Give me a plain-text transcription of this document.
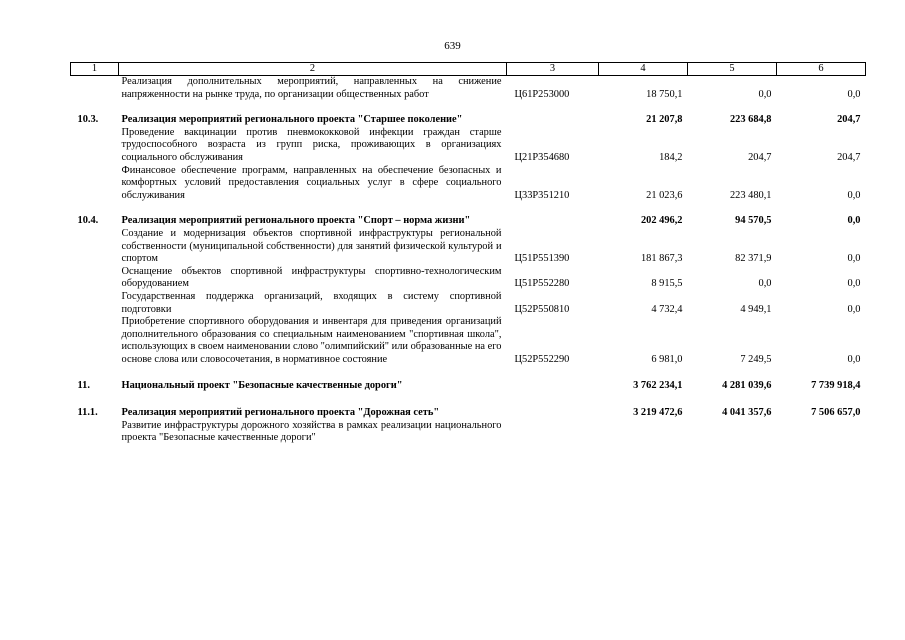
639
1	2	3	4	5	6
	Реализация дополнительных мероприятий, направленных на снижение напряженности на рынке труда, по организации общественных работ	Ц61Р253000	18 750,1	0,0	0,0

10.3.	Реализация мероприятий регионального проекта "Старшее поколение"		21 207,8	223 684,8	204,7
	Проведение вакцинации против пневмококковой инфекции граждан старше трудоспособного возраста из групп риска, проживающих в организациях социального обслуживания	Ц21Р354680	184,2	204,7	204,7
	Финансовое обеспечение программ, направленных на обеспечение безопасных и комфортных условий предоставления социальных услуг в сфере социального обслуживания	Ц33Р351210	21 023,6	223 480,1	0,0

10.4.	Реализация мероприятий регионального проекта "Спорт – норма жизни"		202 496,2	94 570,5	0,0
	Создание и модернизация объектов спортивной инфраструктуры региональной собственности (муниципальной собственности) для занятий физической культурой и спортом	Ц51Р551390	181 867,3	82 371,9	0,0
	Оснащение объектов спортивной инфраструктуры спортивно-технологическим оборудованием	Ц51Р552280	8 915,5	0,0	0,0
	Государственная поддержка организаций, входящих в систему спортивной подготовки	Ц52Р550810	4 732,4	4 949,1	0,0
	Приобретение спортивного оборудования и инвентаря для приведения организаций дополнительного образования со специальным наименованием "спортивная школа", использующих в своем наименовании слово "олимпийский" или образованные на его основе слова или словосочетания, в нормативное состояние	Ц52Р552290	6 981,0	7 249,5	0,0

11.	Национальный проект "Безопасные качественные дороги"		3 762 234,1	4 281 039,6	7 739 918,4

11.1.	Реализация мероприятий регионального проекта "Дорожная сеть"		3 219 472,6	4 041 357,6	7 506 657,0
	Развитие инфраструктуры дорожного хозяйства в рамках реализации национального проекта "Безопасные качественные дороги"				
